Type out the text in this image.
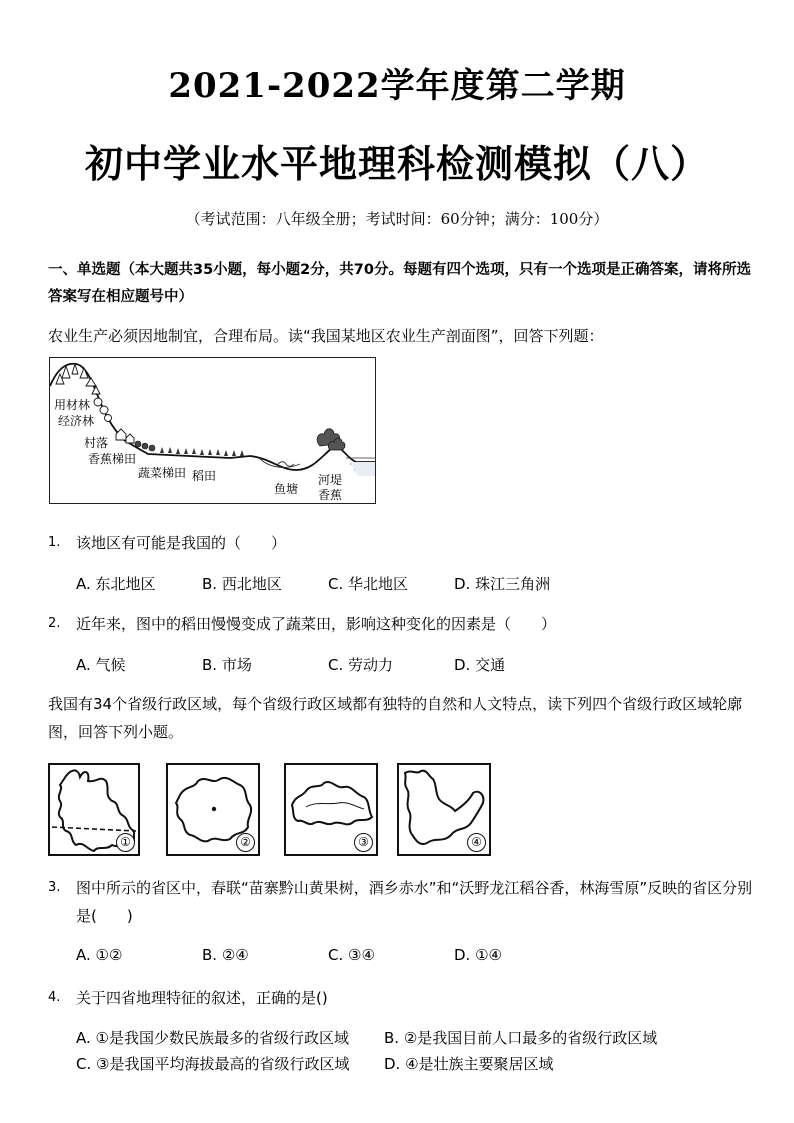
2021-2022学年度第二学期
初中学业水平地理科检测模拟（八）
（考试范围：八年级全册；考试时间：60分钟；满分：100分）
一、单选题（本大题共35小题，每小题2分，共70分。每题有四个选项，只有一个选项是正确答案，请将所选答案写在相应题号中）
农业生产必须因地制宜，合理布局。读“我国某地区农业生产剖面图”，回答下列题：
用材林
经济林
村落
香蕉梯田
蔬菜梯田 稻田
鱼塘
河堤
香蕉
1.	该地区有可能是我国的（　　）
A. 东北地区	B. 西北地区	C. 华北地区	D. 珠江三角洲
2.	近年来，图中的稻田慢慢变成了蔬菜田，影响这种变化的因素是（　　）
A. 气候	B. 市场	C. 劳动力	D. 交通
我国有34个省级行政区域，每个省级行政区域都有独特的自然和人文特点，读下列四个省级行政区域轮廓图，回答下列小题。
①	②	③	④
3.	图中所示的省区中，春联“苗寨黔山黄果树，酒乡赤水”和“沃野龙江稻谷香，林海雪原”反映的省区分别是(　　)
A. ①②	B. ②④	C. ③④	D. ①④
4.	关于四省地理特征的叙述，正确的是()
A. ①是我国少数民族最多的省级行政区域 B. ②是我国目前人口最多的省级行政区域
C. ③是我国平均海拔最高的省级行政区域 D. ④是壮族主要聚居区域
